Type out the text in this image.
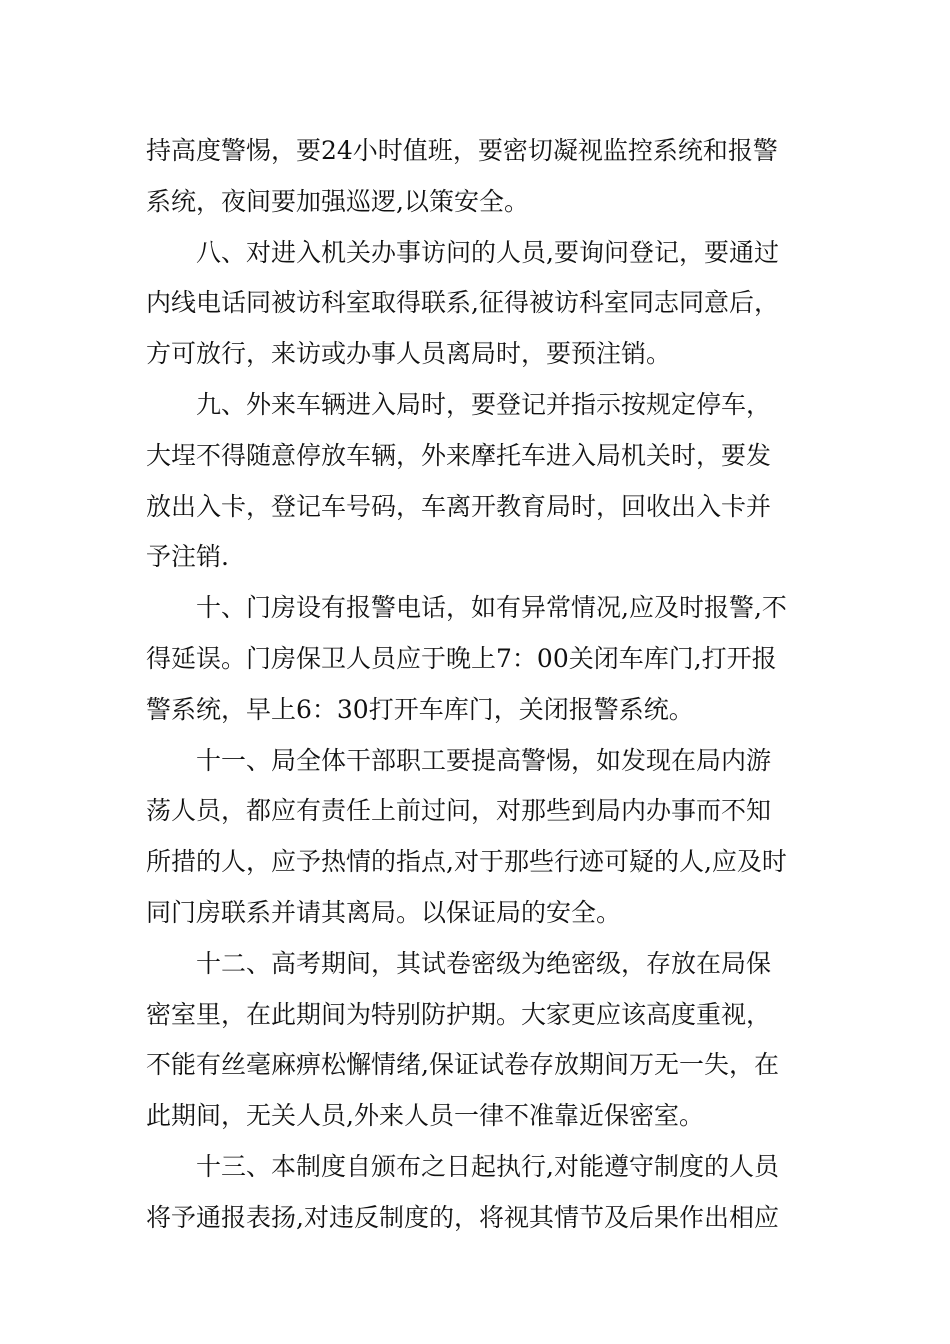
持高度警惕，要24小时值班，要密切凝视监控系统和报警
系统，夜间要加强巡逻,以策安全。
八、对进入机关办事访问的人员,要询问登记，要通过
内线电话同被访科室取得联系,征得被访科室同志同意后，
方可放行，来访或办事人员离局时，要预注销。
九、外来车辆进入局时，要登记并指示按规定停车，
大埕不得随意停放车辆，外来摩托车进入局机关时，要发
放出入卡，登记车号码，车离开教育局时，回收出入卡并
予注销.
十、门房设有报警电话，如有异常情况,应及时报警,不
得延误。门房保卫人员应于晚上7：00关闭车库门,打开报
警系统，早上6：30打开车库门，关闭报警系统。
十一、局全体干部职工要提高警惕，如发现在局内游
荡人员，都应有责任上前过问，对那些到局内办事而不知
所措的人，应予热情的指点,对于那些行迹可疑的人,应及时
同门房联系并请其离局。以保证局的安全。
十二、高考期间，其试卷密级为绝密级，存放在局保
密室里，在此期间为特别防护期。大家更应该高度重视，
不能有丝毫麻痹松懈情绪,保证试卷存放期间万无一失，在
此期间，无关人员,外来人员一律不准靠近保密室。
十三、本制度自颁布之日起执行,对能遵守制度的人员
将予通报表扬,对违反制度的，将视其情节及后果作出相应
